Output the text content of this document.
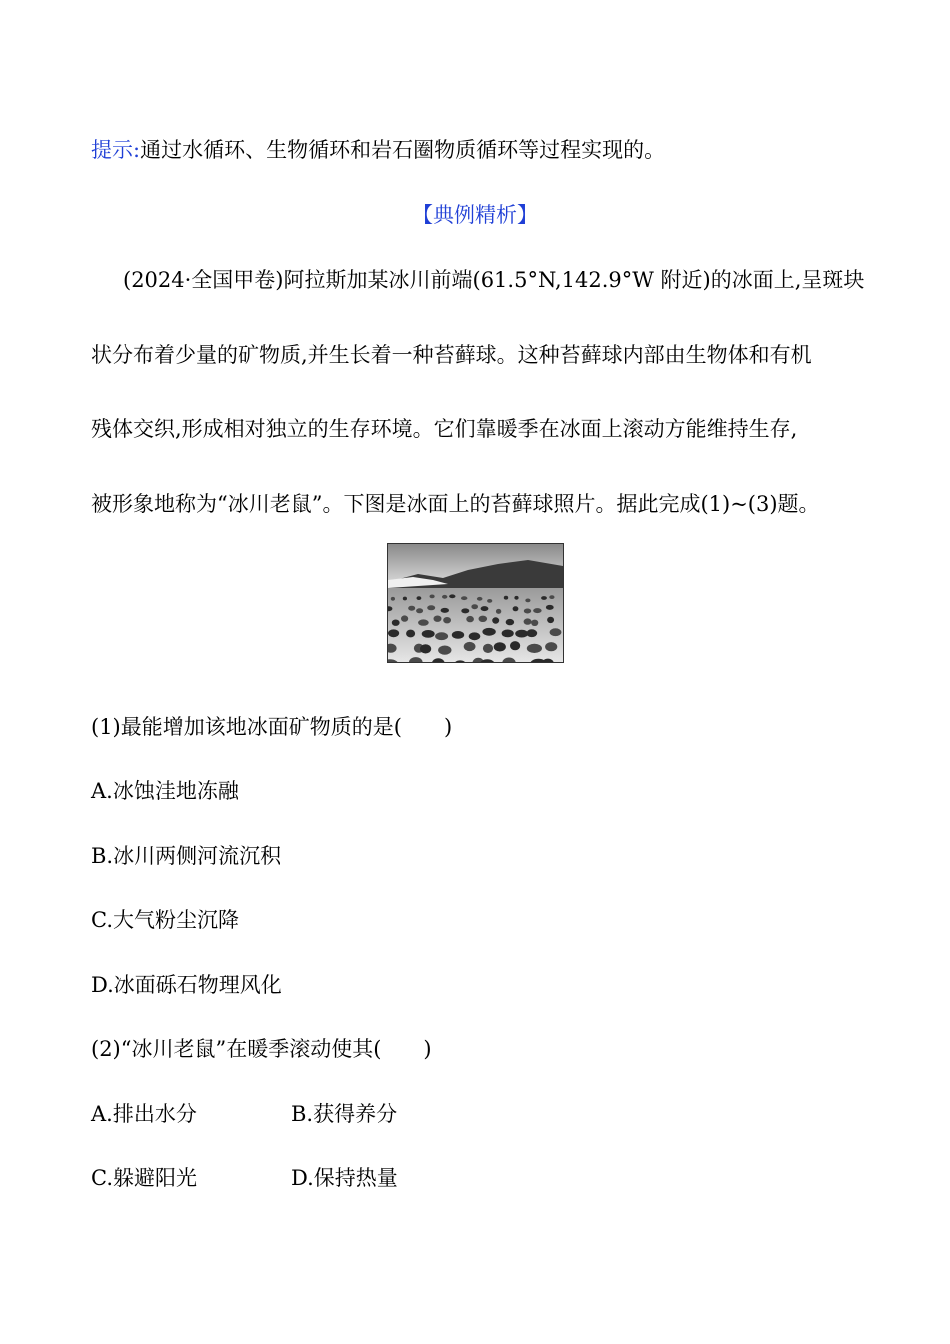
提示:通过水循环、生物循环和岩石圈物质循环等过程实现的。
【典例精析】
(2024·全国甲卷)阿拉斯加某冰川前端(61.5°N,142.9°W 附近)的冰面上,呈斑块
状分布着少量的矿物质,并生长着一种苔藓球。这种苔藓球内部由生物体和有机
残体交织,形成相对独立的生存环境。它们靠暖季在冰面上滚动方能维持生存,
被形象地称为“冰川老鼠”。下图是冰面上的苔藓球照片。据此完成(1)~(3)题。
(1)最能增加该地冰面矿物质的是(　　)
A.冰蚀洼地冻融
B.冰川两侧河流沉积
C.大气粉尘沉降
D.冰面砾石物理风化
(2)“冰川老鼠”在暖季滚动使其(　　)
A.排出水分	B.获得养分
C.躲避阳光	D.保持热量
